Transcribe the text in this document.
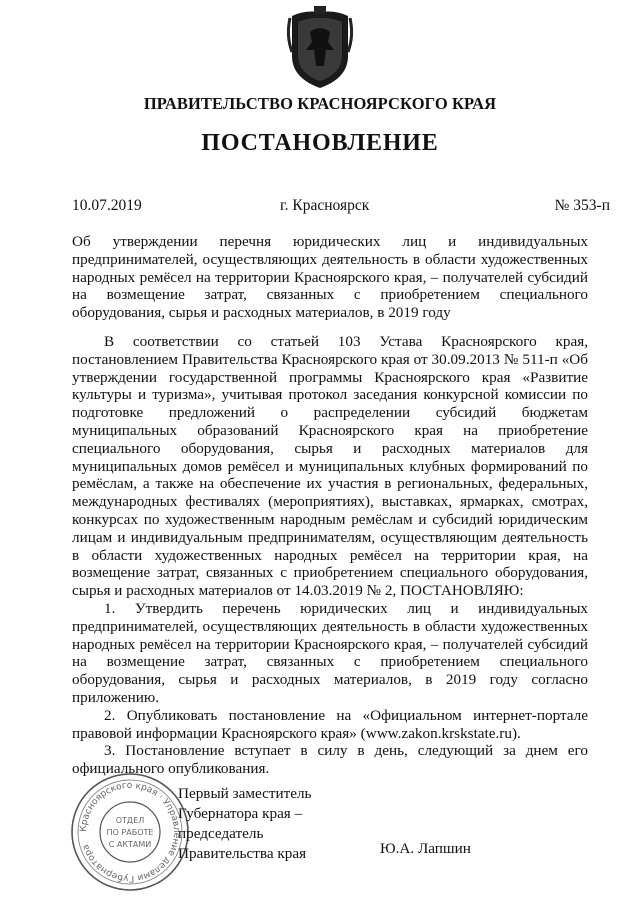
ПРАВИТЕЛЬСТВО КРАСНОЯРСКОГО КРАЯ
ПОСТАНОВЛЕНИЕ
10.07.2019	г. Красноярск	№ 353-п
Об утверждении перечня юридических лиц и индивидуальных предпринимателей, осуществляющих деятельность в области художественных народных ремёсел на территории Красноярского края, – получателей субсидий на возмещение затрат, связанных с приобретением специального оборудования, сырья и расходных материалов, в 2019 году

В соответствии со статьей 103 Устава Красноярского края, постановлением Правительства Красноярского края от 30.09.2013 № 511-п «Об утверждении государственной программы Красноярского края «Развитие культуры и туризма», учитывая протокол заседания конкурсной комиссии по подготовке предложений о распределении субсидий бюджетам муниципальных образований Красноярского края на приобретение специального оборудования, сырья и расходных материалов для муниципальных домов ремёсел и муниципальных клубных формирований по ремёслам, а также на обеспечение их участия в региональных, федеральных, международных фестивалях (мероприятиях), выставках, ярмарках, смотрах, конкурсах по художественным народным ремёслам и субсидий юридическим лицам и индивидуальным предпринимателям, осуществляющим деятельность в области художественных народных ремёсел на территории края, на возмещение затрат, связанных с приобретением специального оборудования, сырья и расходных материалов от 14.03.2019 № 2, ПОСТАНОВЛЯЮ:

1. Утвердить перечень юридических лиц и индивидуальных предпринимателей, осуществляющих деятельность в области художественных народных ремёсел на территории Красноярского края, – получателей субсидий на возмещение затрат, связанных с приобретением специального оборудования, сырья и расходных материалов, в 2019 году согласно приложению.

2. Опубликовать постановление на «Официальном интернет-портале правовой информации Красноярского края» (www.zakon.krskstate.ru).

3. Постановление вступает в силу в день, следующий за днем его официального опубликования.

Красноярского края · Управление делами Губернатора
ОТДЕЛ
ПО РАБОТЕ
С АКТАМИ
Первый заместитель
Губернатора края –
председатель
Правительства края	Ю.А. Лапшин
